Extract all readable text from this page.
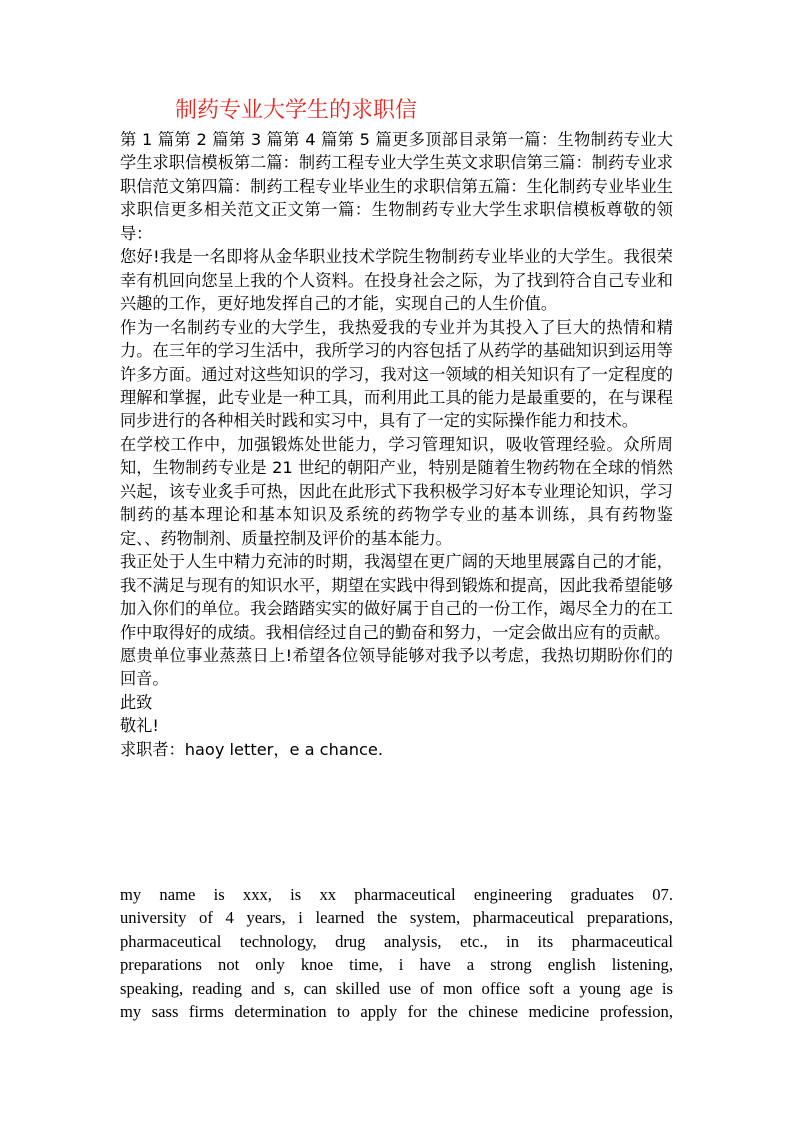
制药专业大学生的求职信

第 1 篇第 2 篇第 3 篇第 4 篇第 5 篇更多顶部目录第一篇：生物制药专业大学生求职信模板第二篇：制药工程专业大学生英文求职信第三篇：制药专业求职信范文第四篇：制药工程专业毕业生的求职信第五篇：生化制药专业毕业生求职信更多相关范文正文第一篇：生物制药专业大学生求职信模板尊敬的领导：

您好!我是一名即将从金华职业技术学院生物制药专业毕业的大学生。我很荣幸有机回向您呈上我的个人资料。在投身社会之际，为了找到符合自己专业和兴趣的工作，更好地发挥自己的才能，实现自己的人生价值。

作为一名制药专业的大学生，我热爱我的专业并为其投入了巨大的热情和精力。在三年的学习生活中，我所学习的内容包括了从药学的基础知识到运用等许多方面。通过对这些知识的学习，我对这一领域的相关知识有了一定程度的理解和掌握，此专业是一种工具，而利用此工具的能力是最重要的，在与课程同步进行的各种相关时践和实习中，具有了一定的实际操作能力和技术。

在学校工作中，加强锻炼处世能力，学习管理知识，吸收管理经验。众所周知，生物制药专业是 21 世纪的朝阳产业，特别是随着生物药物在全球的悄然兴起，该专业炙手可热，因此在此形式下我积极学习好本专业理论知识，学习制药的基本理论和基本知识及系统的药物学专业的基本训练，具有药物鉴定、、药物制剂、质量控制及评价的基本能力。

我正处于人生中精力充沛的时期，我渴望在更广阔的天地里展露自己的才能，我不满足与现有的知识水平，期望在实践中得到锻炼和提高，因此我希望能够加入你们的单位。我会踏踏实实的做好属于自己的一份工作，竭尽全力的在工作中取得好的成绩。我相信经过自己的勤奋和努力，一定会做出应有的贡献。

愿贵单位事业蒸蒸日上!希望各位领导能够对我予以考虑，我热切期盼你们的回音。

此致

敬礼!

求职者：haoy letter，e a chance.

my name is xxx, is xx pharmaceutical engineering graduates 07.

university of 4 years, i learned the system, pharmaceutical preparations,

pharmaceutical technology, drug analysis, etc., in its pharmaceutical

preparations not only knoe time, i have a strong english listening,

speaking, reading and s, can skilled use of mon office soft a young age is

my sass firms determination to apply for the chinese medicine profession,
